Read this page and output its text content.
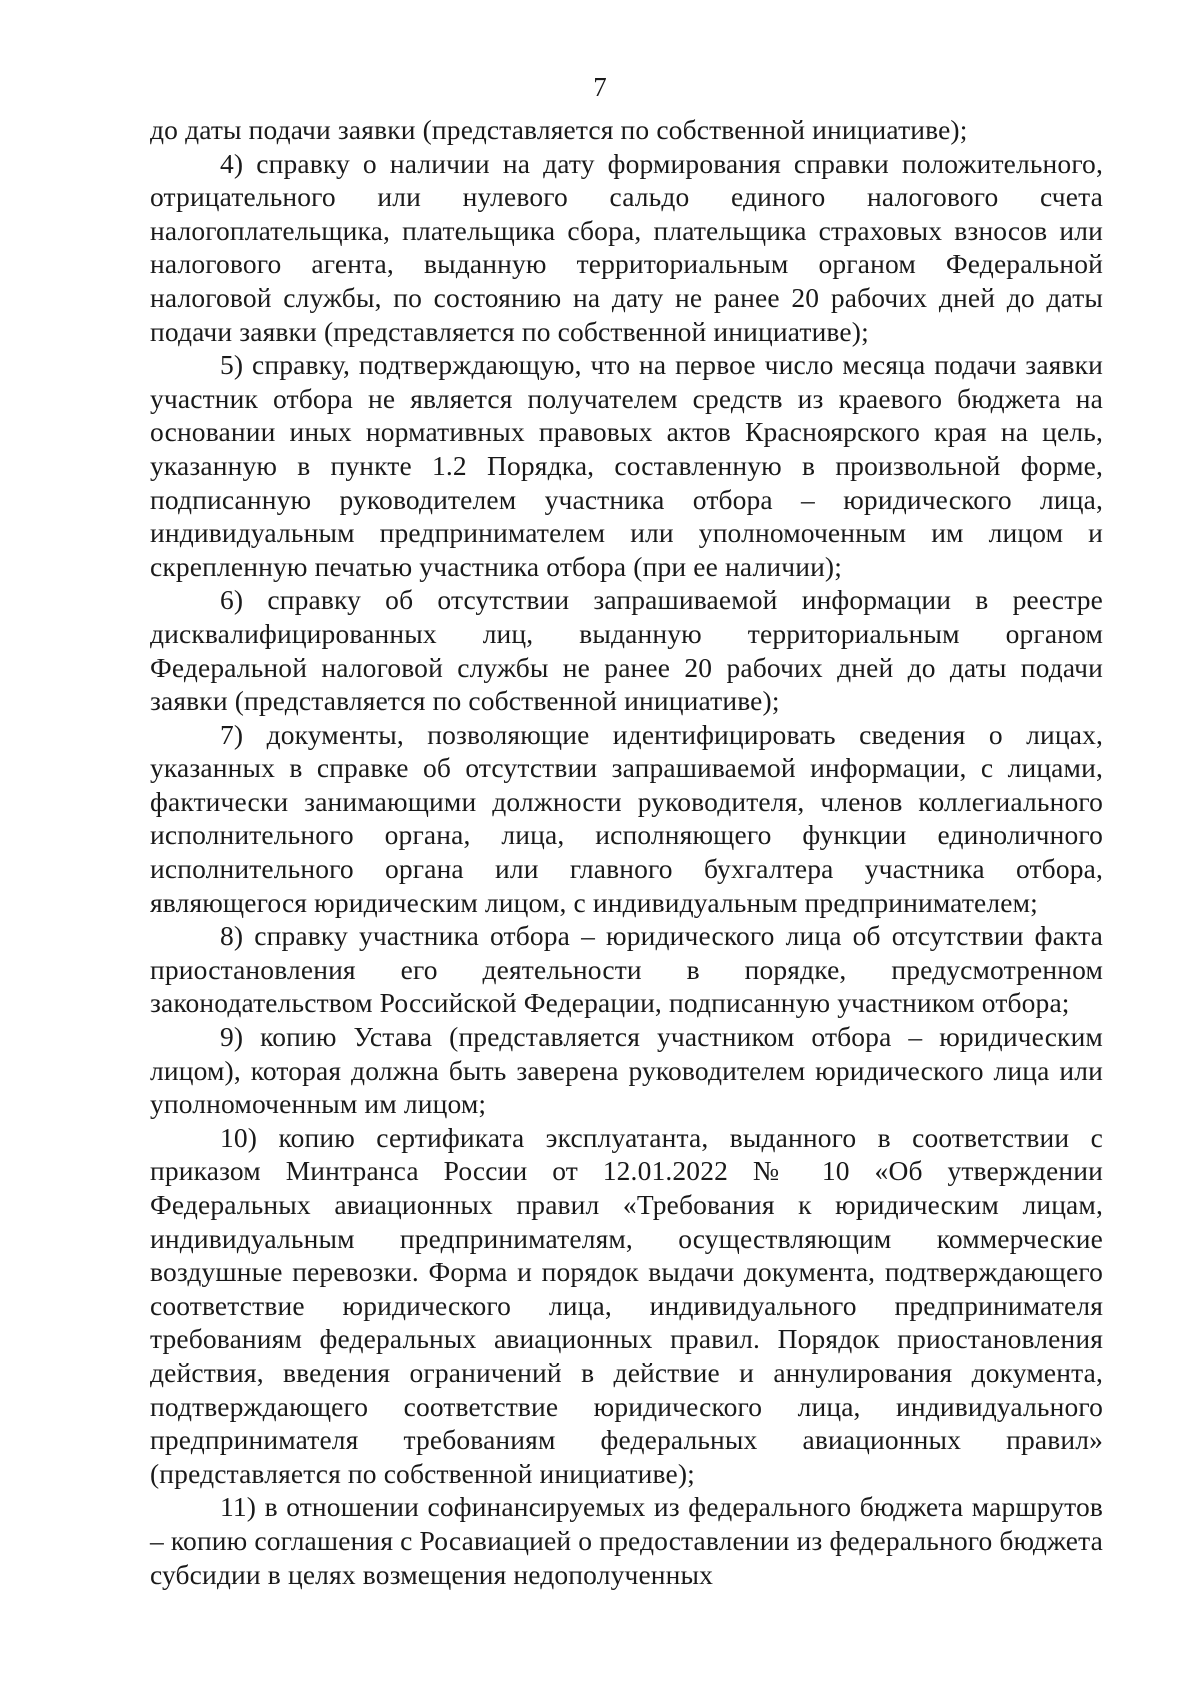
7

до даты подачи заявки (представляется по собственной инициативе);

4) справку о наличии на дату формирования справки положительного, отрицательного или нулевого сальдо единого налогового счета налогоплательщика, плательщика сбора, плательщика страховых взносов или налогового агента, выданную территориальным органом Федеральной налоговой службы, по состоянию на дату не ранее 20 рабочих дней до даты подачи заявки (представляется по собственной инициативе);

5) справку, подтверждающую, что на первое число месяца подачи заявки участник отбора не является получателем средств из краевого бюджета на основании иных нормативных правовых актов Красноярского края на цель, указанную в пункте 1.2 Порядка, составленную в произвольной форме, подписанную руководителем участника отбора – юридического лица, индивидуальным предпринимателем или уполномоченным им лицом и скрепленную печатью участника отбора (при ее наличии);

6) справку об отсутствии запрашиваемой информации в реестре дисквалифицированных лиц, выданную территориальным органом Федеральной налоговой службы не ранее 20 рабочих дней до даты подачи заявки (представляется по собственной инициативе);

7) документы, позволяющие идентифицировать сведения о лицах, указанных в справке об отсутствии запрашиваемой информации, с лицами, фактически занимающими должности руководителя, членов коллегиального исполнительного органа, лица, исполняющего функции единоличного исполнительного органа или главного бухгалтера участника отбора, являющегося юридическим лицом, с индивидуальным предпринимателем;

8) справку участника отбора – юридического лица об отсутствии факта приостановления его деятельности в порядке, предусмотренном законодательством Российской Федерации, подписанную участником отбора;

9) копию Устава (представляется участником отбора – юридическим лицом), которая должна быть заверена руководителем юридического лица или уполномоченным им лицом;

10) копию сертификата эксплуатанта, выданного в соответствии с приказом Минтранса России от 12.01.2022 № 10 «Об утверждении Федеральных авиационных правил «Требования к юридическим лицам, индивидуальным предпринимателям, осуществляющим коммерческие воздушные перевозки. Форма и порядок выдачи документа, подтверждающего соответствие юридического лица, индивидуального предпринимателя требованиям федеральных авиационных правил. Порядок приостановления действия, введения ограничений в действие и аннулирования документа, подтверждающего соответствие юридического лица, индивидуального предпринимателя требованиям федеральных авиационных правил» (представляется по собственной инициативе);

11) в отношении софинансируемых из федерального бюджета маршрутов – копию соглашения с Росавиацией о предоставлении из федерального бюджета субсидии в целях возмещения недополученных
